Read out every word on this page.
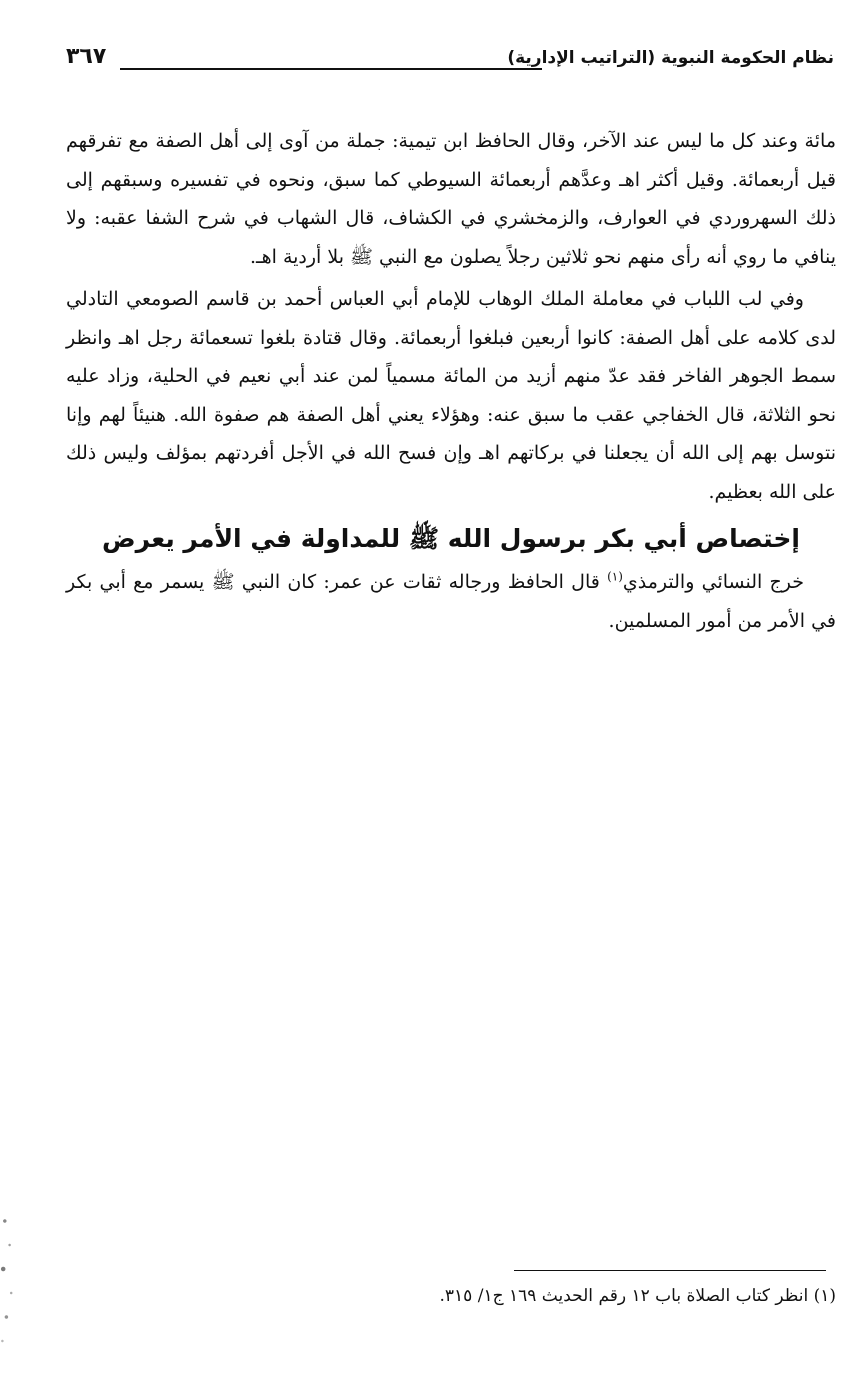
نظام الحكومة النبوية (التراتيب الإدارية)
٣٦٧

مائة وعند كل ما ليس عند الآخر، وقال الحافظ ابن تيمية: جملة من آوى إلى أهل الصفة مع تفرقهم قيل أربعمائة. وقيل أكثر اهـ وعدَّهم أربعمائة السيوطي كما سبق، ونحوه في تفسيره وسبقهم إلى ذلك السهروردي في العوارف، والزمخشري في الكشاف، قال الشهاب في شرح الشفا عقبه: ولا ينافي ما روي أنه رأى منهم نحو ثلاثين رجلاً يصلون مع النبي ﷺ بلا أردية اهـ.

وفي لب اللباب في معاملة الملك الوهاب للإمام أبي العباس أحمد بن قاسم الصومعي التادلي لدى كلامه على أهل الصفة: كانوا أربعين فبلغوا أربعمائة. وقال قتادة بلغوا تسعمائة رجل اهـ وانظر سمط الجوهر الفاخر فقد عدّ منهم أزيد من المائة مسمياً لمن عند أبي نعيم في الحلية، وزاد عليه نحو الثلاثة، قال الخفاجي عقب ما سبق عنه: وهؤلاء يعني أهل الصفة هم صفوة الله. هنيئاً لهم وإنا نتوسل بهم إلى الله أن يجعلنا في بركاتهم اهـ وإن فسح الله في الأجل أفردتهم بمؤلف وليس ذلك على الله بعظيم.

إختصاص أبي بكر برسول الله ﷺ للمداولة في الأمر يعرض

خرج النسائي والترمذي$^{(١)}$ قال الحافظ ورجاله ثقات عن عمر: كان النبي ﷺ يسمر مع أبي بكر في الأمر من أمور المسلمين.

(١) انظر كتاب الصلاة باب ١٢ رقم الحديث ١٦٩ ج١/ ٣١٥.
